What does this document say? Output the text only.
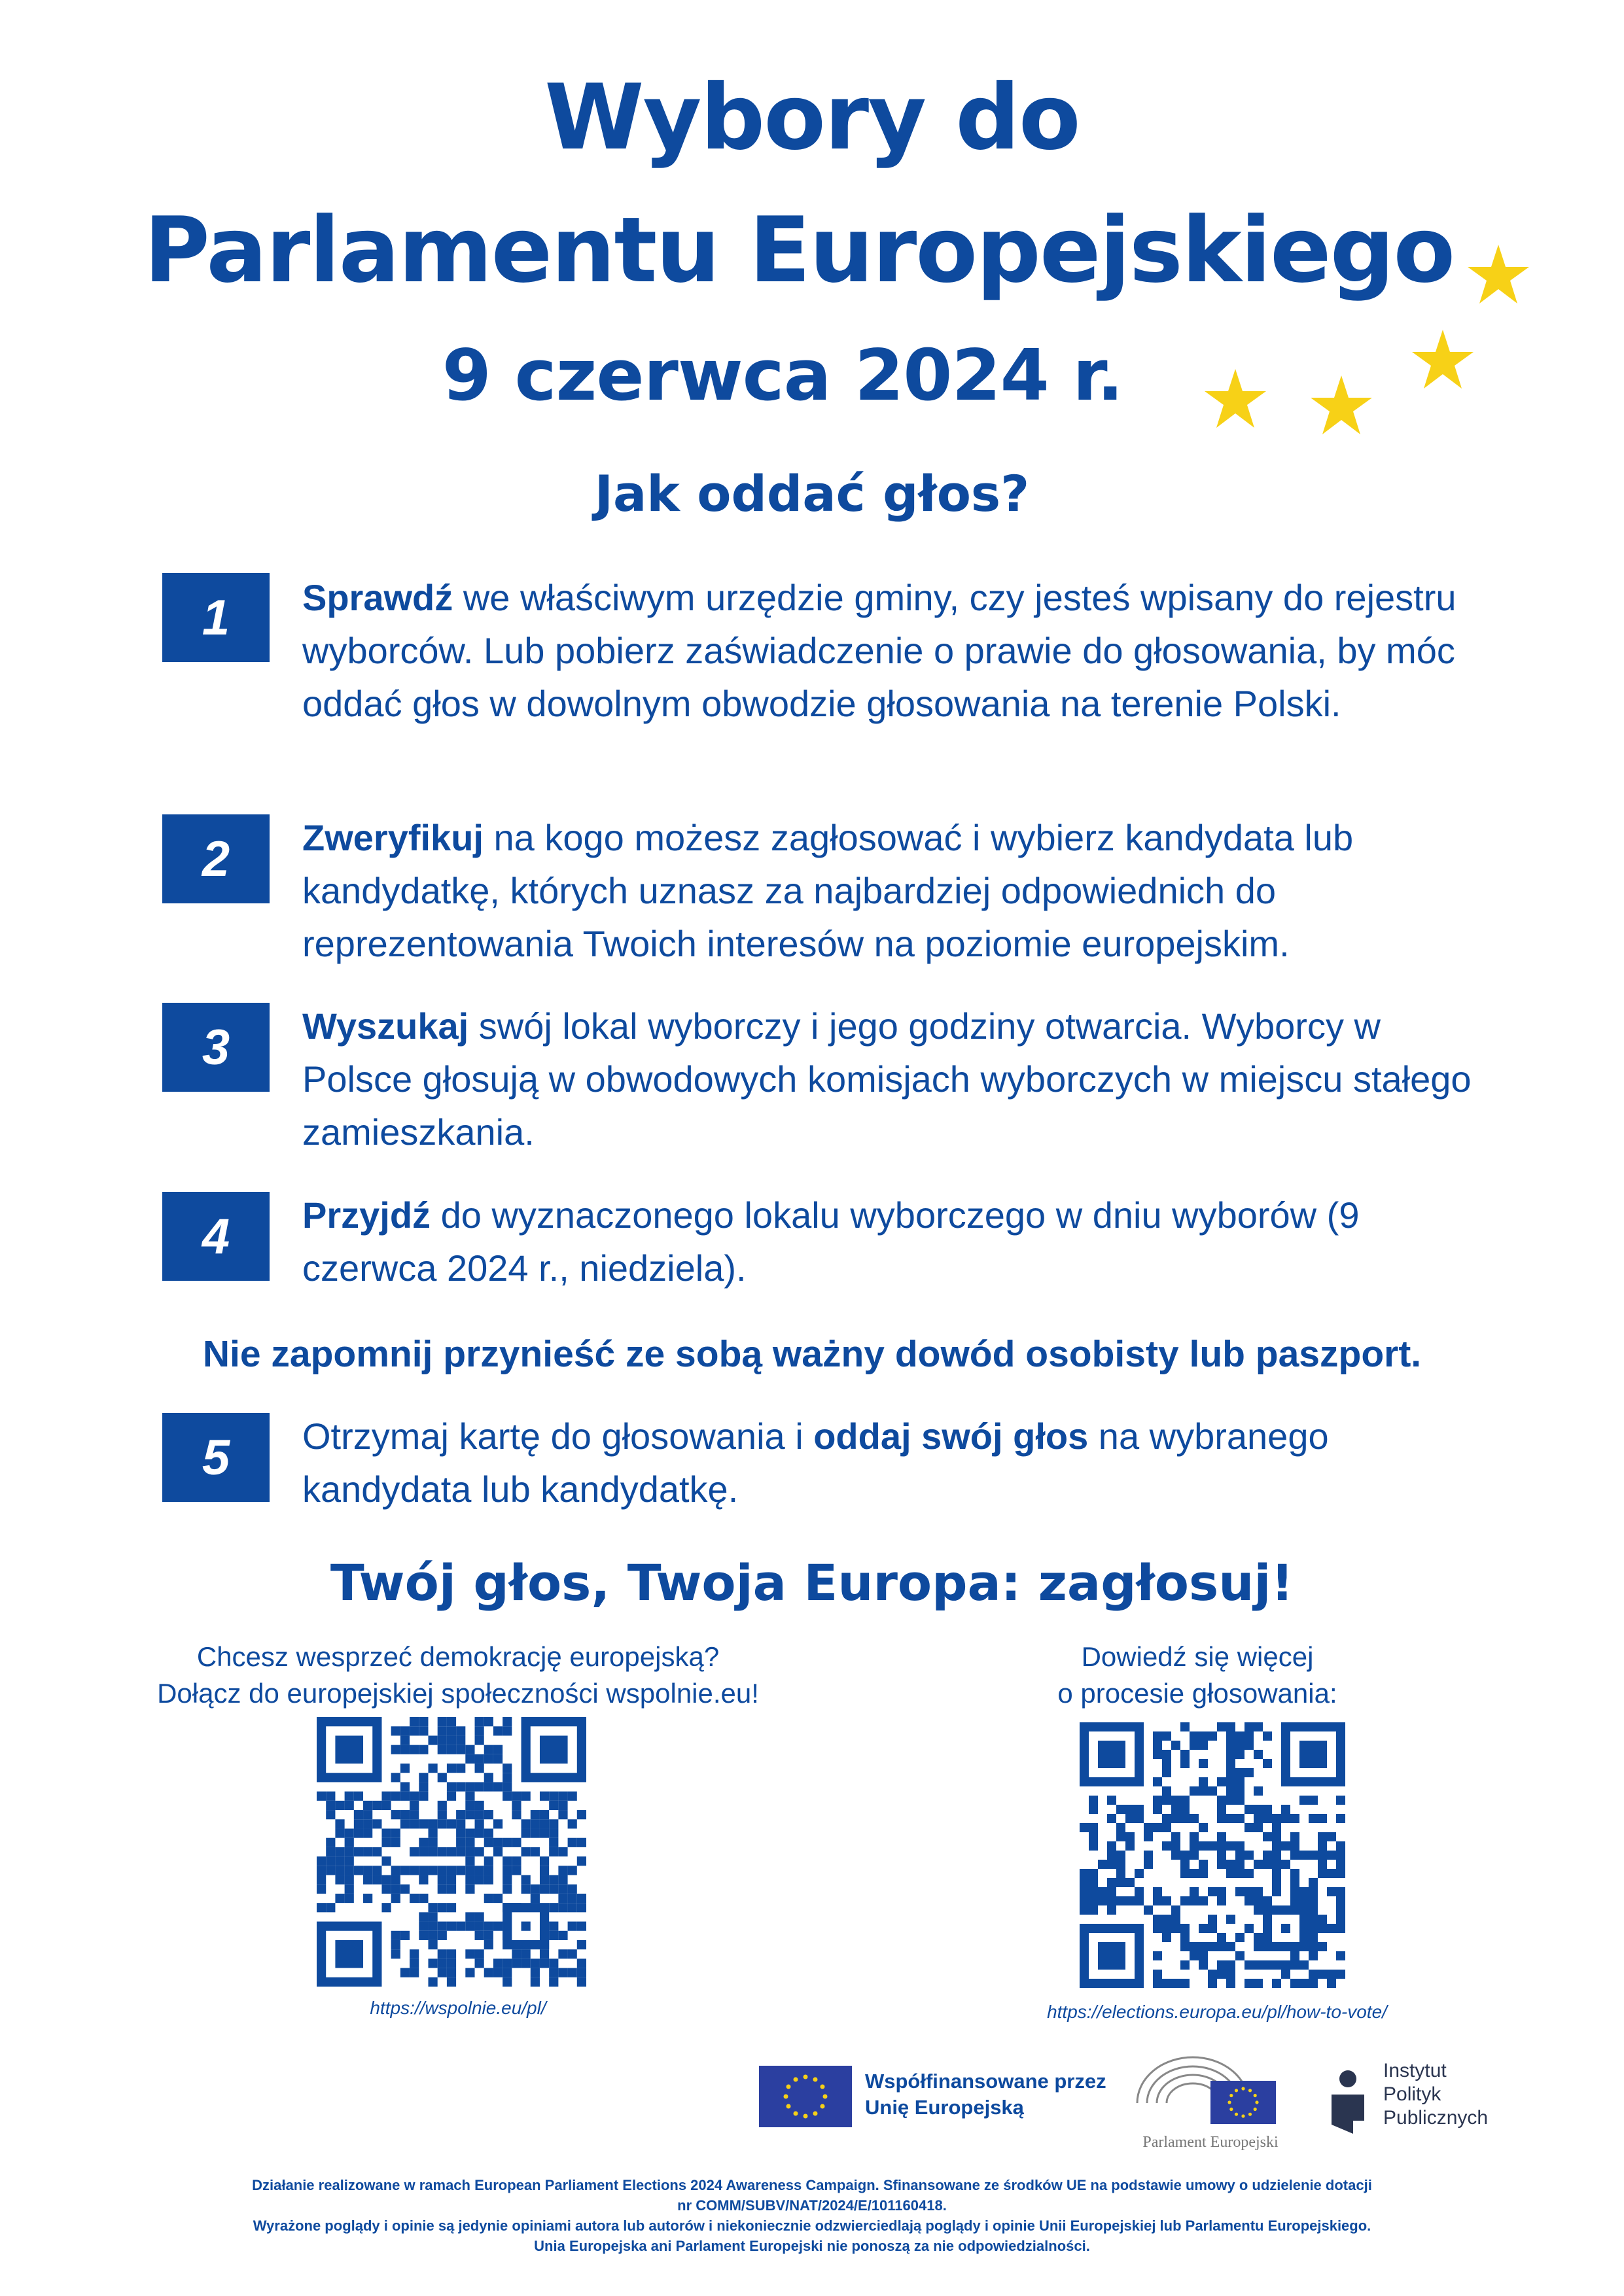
Wybory do
Parlamentu Europejskiego
9 czerwca 2024 r.
Jak oddać głos?
1	Sprawdź we właściwym urzędzie gminy, czy jesteś wpisany do rejestru wyborców. Lub pobierz zaświadczenie o prawie do głosowania, by móc oddać głos w dowolnym obwodzie głosowania na terenie Polski.
2	Zweryfikuj na kogo możesz zagłosować i wybierz kandydata lub kandydatkę, których uznasz za najbardziej odpowiednich do reprezentowania Twoich interesów na poziomie europejskim.
3	Wyszukaj swój lokal wyborczy i jego godziny otwarcia. Wyborcy w Polsce głosują w obwodowych komisjach wyborczych w miejscu stałego zamieszkania.
4	Przyjdź do wyznaczonego lokalu wyborczego w dniu wyborów (9 czerwca 2024 r., niedziela).
Nie zapomnij przynieść ze sobą ważny dowód osobisty lub paszport.
5	Otrzymaj kartę do głosowania i oddaj swój głos na wybranego kandydata lub kandydatkę.
Twój głos, Twoja Europa: zagłosuj!
Chcesz wesprzeć demokrację europejską?
Dołącz do europejskiej społeczności wspolnie.eu!
https://wspolnie.eu/pl/
Dowiedź się więcej
o procesie głosowania:
https://elections.europa.eu/pl/how-to-vote/
Współfinansowane przez
Unię Europejską
Parlament Europejski
Instytut
Polityk
Publicznych
Działanie realizowane w ramach European Parliament Elections 2024 Awareness Campaign. Sfinansowane ze środków UE na podstawie umowy o udzielenie dotacji
nr COMM/SUBV/NAT/2024/E/101160418.
Wyrażone poglądy i opinie są jedynie opiniami autora lub autorów i niekoniecznie odzwierciedlają poglądy i opinie Unii Europejskiej lub Parlamentu Europejskiego.
Unia Europejska ani Parlament Europejski nie ponoszą za nie odpowiedzialności.
